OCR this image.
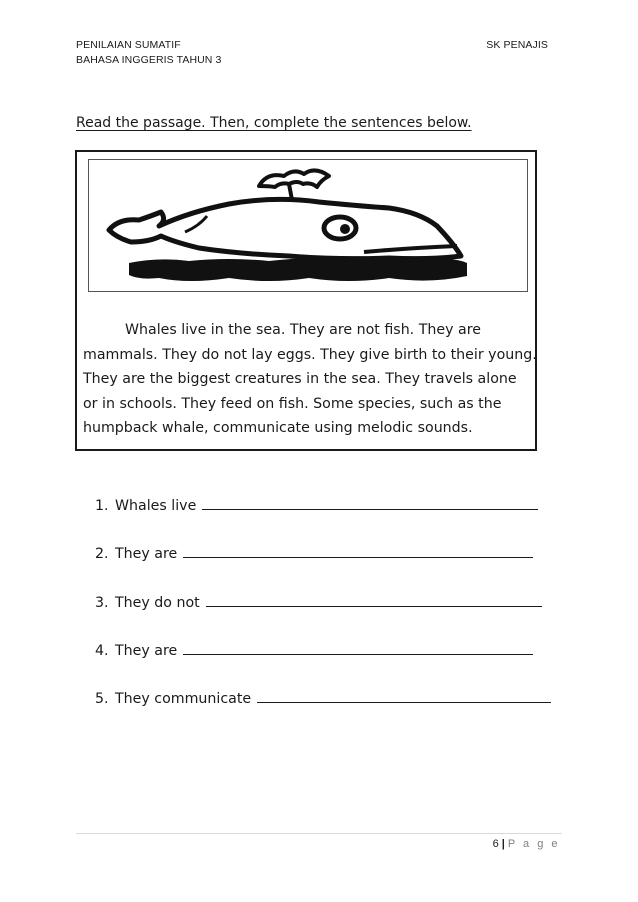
PENILAIAN SUMATIF
BAHASA INGGERIS TAHUN 3
SK PENAJIS
Read the passage. Then, complete the sentences below.

Whales live in the sea. They are not fish. They are
mammals. They do not lay eggs. They give birth to their young.
They are the biggest creatures in the sea. They travels alone
or in schools. They feed on fish. Some species, such as the
humpback whale, communicate using melodic sounds.

1. Whales live
2. They are
3. They do not
4. They are
5. They communicate
6 | P a g e
